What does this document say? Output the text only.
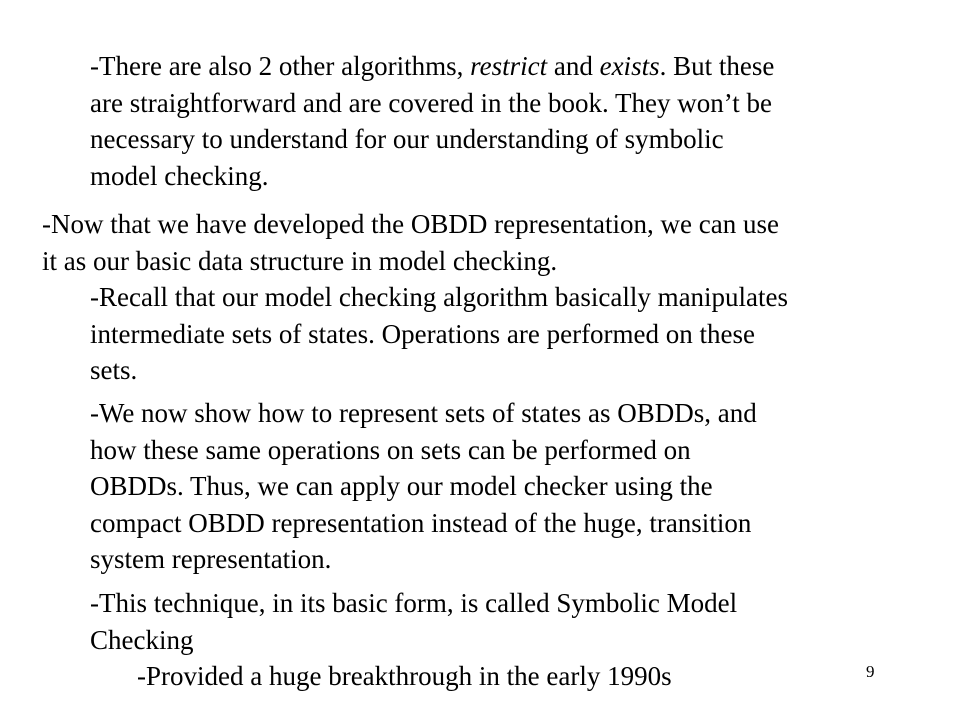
-There are also 2 other algorithms, restrict and exists. But these
are straightforward and are covered in the book. They won’t be
necessary to understand for our understanding of symbolic
model checking.
-Now that we have developed the OBDD representation, we can use
it as our basic data structure in model checking.
-Recall that our model checking algorithm basically manipulates
intermediate sets of states. Operations are performed on these
sets.
-We now show how to represent sets of states as OBDDs, and
how these same operations on sets can be performed on
OBDDs. Thus, we can apply our model checker using the
compact OBDD representation instead of the huge, transition
system representation.
-This technique, in its basic form, is called Symbolic Model
Checking
-Provided a huge breakthrough in the early 1990s	9
